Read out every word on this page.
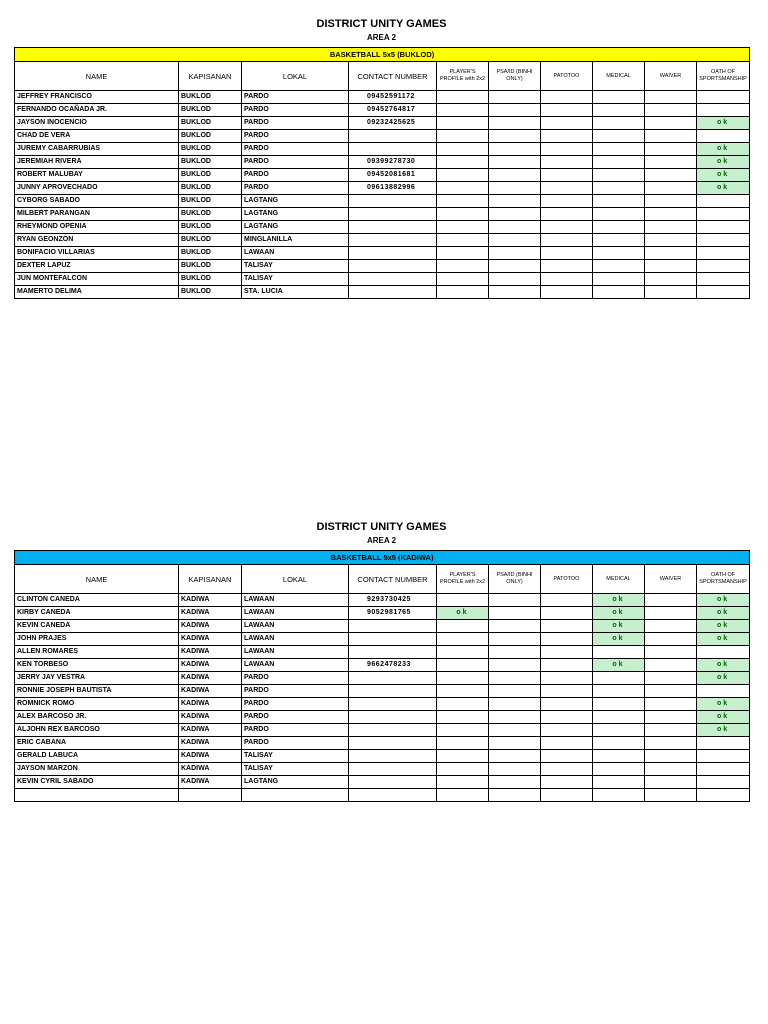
DISTRICT UNITY GAMES
AREA 2
BASKETBALL 5x5 (BUKLOD)									
NAME	KAPISANAN	LOKAL	CONTACT NUMBER	PLAYER'S PROFILE with 2x2	PSA/ID (BINHI ONLY)	PATOTOO	MEDICAL	WAIVER	OATH OF SPORTSMANSHIP
JEFFREY FRANCISCO	BUKLOD	PARDO	09452591172						
FERNANDO OCAÑADA JR.	BUKLOD	PARDO	09452764817						
JAYSON INOCENCIO	BUKLOD	PARDO	09232425625						ok
CHAD DE VERA	BUKLOD	PARDO							
JUREMY CABARRUBIAS	BUKLOD	PARDO							ok
JEREMIAH RIVERA	BUKLOD	PARDO	09399278730						ok
ROBERT MALUBAY	BUKLOD	PARDO	09452081681						ok
JUNNY APROVECHADO	BUKLOD	PARDO	09613882996						ok
CYBORG SABADO	BUKLOD	LAGTANG							
MILBERT PARANGAN	BUKLOD	LAGTANG							
RHEYMOND OPENIA	BUKLOD	LAGTANG							
RYAN GEONZON	BUKLOD	MINGLANILLA							
BONIFACIO VILLARIAS	BUKLOD	LAWAAN							
DEXTER LAPUZ	BUKLOD	TALISAY							
JUN MONTEFALCON	BUKLOD	TALISAY							
MAMERTO DELIMA	BUKLOD	STA. LUCIA							
DISTRICT UNITY GAMES
AREA 2
BASKETBALL 5x5 (KADIWA)									
NAME	KAPISANAN	LOKAL	CONTACT NUMBER	PLAYER'S PROFILE with 2x2	PSA/ID (BINHI ONLY)	PATOTOO	MEDICAL	WAIVER	OATH OF SPORTSMANSHIP
CLINTON CANEDA	KADIWA	LAWAAN	9293730425				ok		ok
KIRBY CANEDA	KADIWA	LAWAAN	9052981765	ok			ok		ok
KEVIN CANEDA	KADIWA	LAWAAN					ok		ok
JOHN PRAJES	KADIWA	LAWAAN					ok		ok
ALLEN ROMARES	KADIWA	LAWAAN							
KEN TORBESO	KADIWA	LAWAAN	9662478233				ok		ok
JERRY JAY VESTRA	KADIWA	PARDO							ok
RONNIE JOSEPH BAUTISTA	KADIWA	PARDO							
ROMNICK ROMO	KADIWA	PARDO							ok
ALEX BARCOSO JR.	KADIWA	PARDO							ok
ALJOHN REX BARCOSO	KADIWA	PARDO							ok
ERIC CABANA	KADIWA	PARDO							
GERALD LABUCA	KADIWA	TALISAY							
JAYSON MARZON	KADIWA	TALISAY							
KEVIN CYRIL SABADO	KADIWA	LAGTANG							
